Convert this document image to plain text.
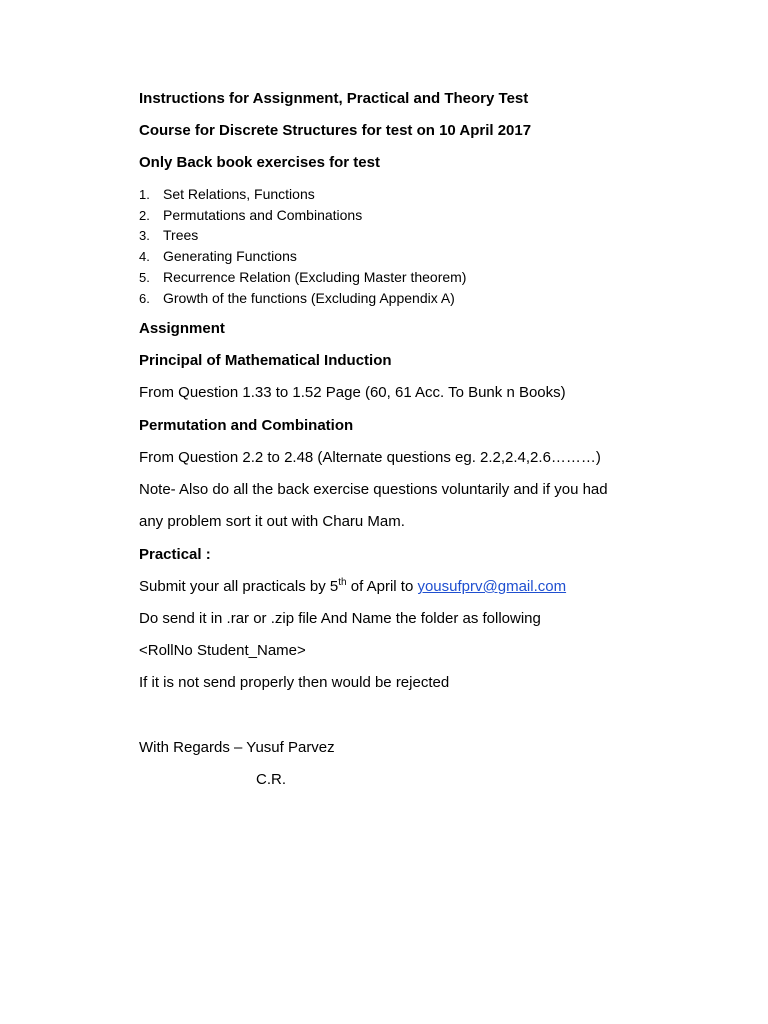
Instructions for Assignment, Practical and Theory Test
Course for Discrete Structures for test on 10 April 2017
Only Back book exercises for test
1. Set Relations, Functions
2. Permutations and Combinations
3. Trees
4. Generating Functions
5. Recurrence Relation (Excluding Master theorem)
6. Growth of the functions (Excluding Appendix A)
Assignment
Principal of Mathematical Induction
From Question 1.33 to 1.52 Page (60, 61 Acc. To Bunk n Books)
Permutation and Combination
From Question 2.2 to 2.48 (Alternate questions eg. 2.2,2.4,2.6………)
Note- Also do all the back exercise questions voluntarily and if you had
any problem sort it out with Charu Mam.
Practical :
Submit your all practicals by 5th of April to yousufprv@gmail.com
Do send it in .rar or .zip file And Name the folder as following
<RollNo Student_Name>
If it is not send properly then would be rejected
With Regards – Yusuf Parvez
C.R.
